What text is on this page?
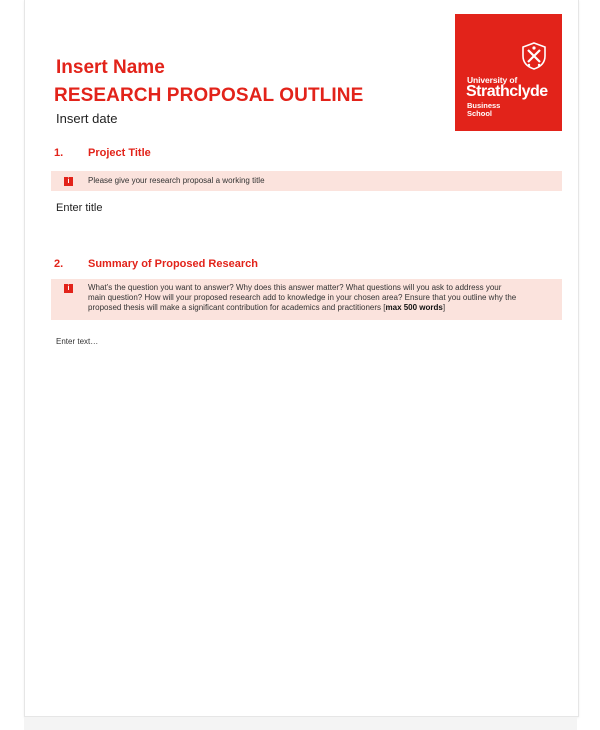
University of
Strathclyde
Business
School
Insert Name
RESEARCH PROPOSAL OUTLINE
Insert date
1. Project Title
i	Please give your research proposal a working title
Enter title
2. Summary of Proposed Research
i	What’s the question you want to answer? Why does this answer matter? What questions will you ask to address your
main question? How will your proposed research add to knowledge in your chosen area? Ensure that you outline why the
proposed thesis will make a significant contribution for academics and practitioners [max 500 words]
Enter text…
